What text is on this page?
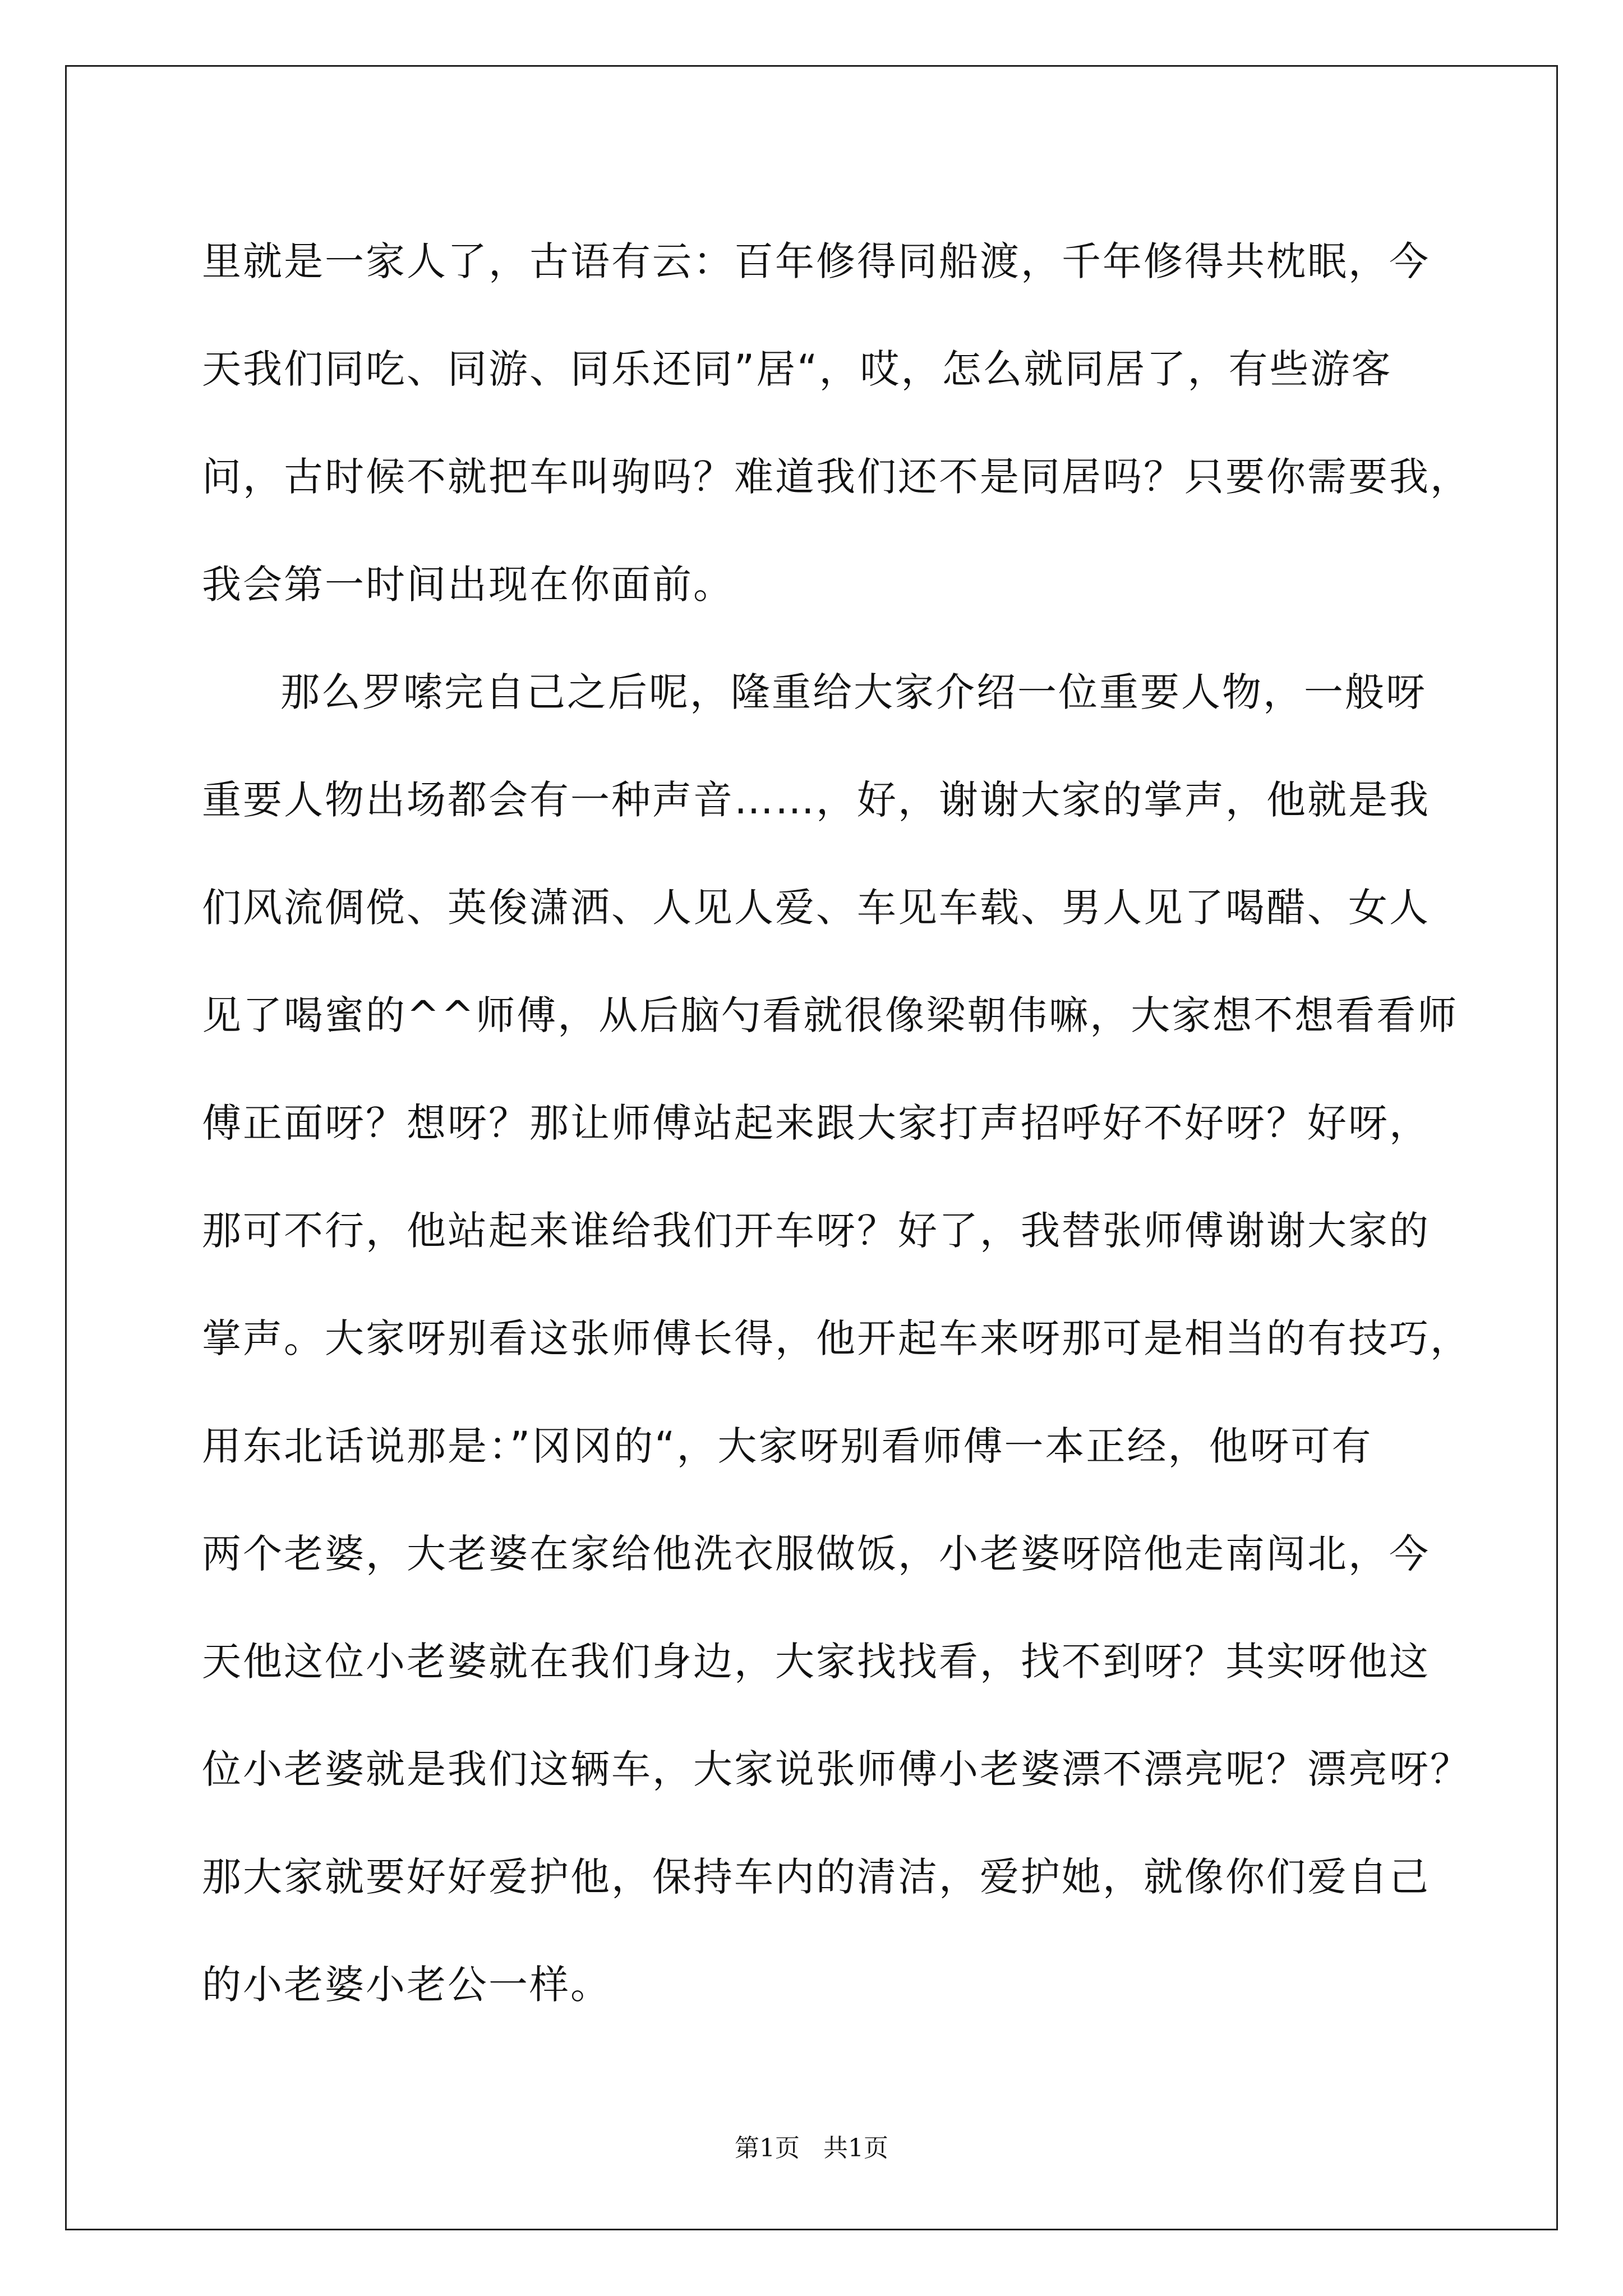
里就是一家人了，古语有云：百年修得同船渡，千年修得共枕眠，今
天我们同吃、同游、同乐还同”居“，哎，怎么就同居了，有些游客
问，古时候不就把车叫驹吗？难道我们还不是同居吗？只要你需要我，
我会第一时间出现在你面前。
那么罗嗦完自己之后呢，隆重给大家介绍一位重要人物，一般呀
重要人物出场都会有一种声音……，好，谢谢大家的掌声，他就是我
们风流倜傥、英俊潇洒、人见人爱、车见车载、男人见了喝醋、女人
见了喝蜜的^^师傅，从后脑勺看就很像梁朝伟嘛，大家想不想看看师
傅正面呀？想呀？那让师傅站起来跟大家打声招呼好不好呀？好呀，
那可不行，他站起来谁给我们开车呀？好了，我替张师傅谢谢大家的
掌声。大家呀别看这张师傅长得，他开起车来呀那可是相当的有技巧，
用东北话说那是：”冈冈的“，大家呀别看师傅一本正经，他呀可有
两个老婆，大老婆在家给他洗衣服做饭，小老婆呀陪他走南闯北，今
天他这位小老婆就在我们身边，大家找找看，找不到呀？其实呀他这
位小老婆就是我们这辆车，大家说张师傅小老婆漂不漂亮呢？漂亮呀？
那大家就要好好爱护他，保持车内的清洁，爱护她，就像你们爱自己
的小老婆小老公一样。
第1页   共1页
